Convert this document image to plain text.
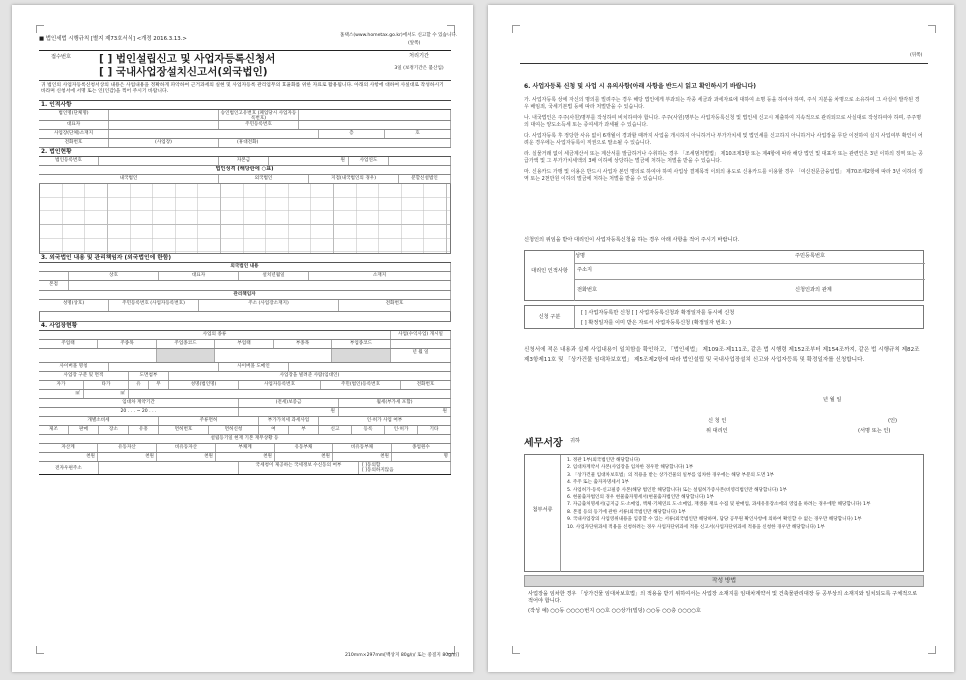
■ 법인세법 시행규칙 [별지 제73호서식] <개정 2016.3.13.>
홈택스(www.hometax.go.kr)에서도 신고할 수 있습니다.
(앞쪽)
접수번호	[ ] 법인설립신고 및 사업자등록신청서
[ ] 국내사업장설치신고서(외국법인)
처리기간
3일 (보정기간은 불산입)
귀 법인의 사업자등록신청서상의 내용은 사업내용을 정확하게 파악하여 근거과세의 실현 및 사업자등록 관리업무의 효율화를 위한 자료로 활용됩니다. 아래의 사항에 대하여 사실대로 작성하시기 바라며 신청서에 서명 또는 인(인감)을 찍어 주시기 바랍니다.
1. 인적사항
법인명(단체명)	승인법인고유번호 (폐업당시 사업자등록번호)
대표자	주민등록번호
사업장(단체)소재지	층	호
전화번호	(사업장)	(휴대전화)
2. 법인현황
법인등록번호	자본금	원	사업연도
법인성격 (해당란에 ○표)
내국법인	외국법인	지점(내국법인의 경우)	분할신설법인
3. 외국법인 내용 및 관리책임자 (외국법인에 한함)
외국법인 내용
상호	대표자	설치년월일	소재지
본점
관리책임자
성명(상호)	주민등록번호 (사업자등록번호)	주소 (사업장소재지)	전화번호
4. 사업장현황
사업의 종류	사업(수익사업) 개시일
주업태	주종목	주업종코드	부업태	부종목	부업종코드
년 월 일
사이버몰 명칭	사이버몰 도메인
사업장 구분 및 면적	도면첨부	사업장을 빌려준 사람(임대인)
자가	타가	유	무	성명(법인명)	사업자등록번호	주민(법인)등록번호	전화번호
㎡	㎡
임대차 계약기간	(전세)보증금	월세(부가세 포함)
20 . . . ~ 20 . . .	원	원
개별소비세	주류면허	부가가치세 과세사업	인·허가 사업 여부
제조	판매	장소	유흥	면허번호	면허신청	여	부	신고	등록	인·허가	기타
설립등기일 현재 기본 재무상황 등
자산계	유동자산	비유동자산	부채계	유동부채	비유동부채	종업원수
천원	천원	천원	천원	천원	천원	명
전자우편주소
국세청이 제공하는 국세정보 수신동의 여부	[ ]동의함
[ ]동의하지않음
210mm×297mm[백상지 80g/㎡ 또는 중질지 80g/㎡]
(뒤쪽)
6. 사업자등록 신청 및 사업 시 유의사항(아래 사항을 반드시 읽고 확인하시기 바랍니다)
가. 사업자등록 상에 자신의 명의를 빌려주는 경우 해당 법인에게 부과되는 각종 세금과 과세자료에 대하여 소명 등을 하여야 하며, 주식 지분을 차명으로 소유하여 그 사실이 발각된 경우 배임죄, 국세기본법 등에 따라 처벌받을 수 있습니다.
나. 내국법인은 주주(사원)명부를 작성하여 비치하여야 합니다. 주주(사원)명부는 사업자등록신청 및 법인세 신고시 제출하여 지속적으로 관리되므로 사실대로 작성하여야 하며, 주주명의 대여는 양도소득세 또는 증여세가 과세될 수 있습니다.
다. 사업자등록 후 정당한 사유 없이 6개월이 경과할 때까지 사업을 개시하지 아니하거나 부가가치세 및 법인세를 신고하지 아니하거나 사업장을 무단 이전하여 실지 사업여부 확인이 어려운 경우에는 사업자등록이 직권으로 말소될 수 있습니다.
라. 실물거래 없이 세금계산서 또는 계산서를 발급하거나 수취하는 경우 「조세범처벌법」 제10조제3항 또는 제4항에 따라 해당 법인 및 대표자 또는 관련인은 3년 이하의 징역 또는 공급가액 및 그 부가가치세액의 3배 이하에 상당하는 벌금에 처하는 처벌을 받을 수 있습니다.
마. 신용카드 가맹 및 이용은 반드시 사업자 본인 명의로 하여야 하며 사업상 결제목적 이외의 용도로 신용카드를 이용할 경우 「여신전문금융업법」 제70조제2항에 따라 3년 이하의 징역 또는 2천만원 이하의 벌금에 처하는 처벌을 받을 수 있습니다.
신청인의 위임을 받아 대리인이 사업자등록신청을 하는 경우 아래 사항을 적어 주시기 바랍니다.
대리인 인적사항
성명	주민등록번호
주소지
전화번호	신청인과의 관계
신청 구분
[ ] 사업자등록만 신청 [ ] 사업자등록신청과 확정일자를 동시에 신청
[ ] 확정일자를 이미 받은 자로서 사업자등록신청 (확정일자 번호: )
신청서에 적은 내용과 실제 사업내용이 일치함을 확인하고, 「법인세법」 제109조·제111조, 같은 법 시행령 제152조부터 제154조까지, 같은 법 시행규칙 제82조제3항제11호 및 「상가건물 임대차보호법」 제5조제2항에 따라 법인설립 및 국내사업장설치 신고와 사업자등록 및 확정일자를 신청합니다.
년 월 일
신 청 인	(인)
위 대리인	(서명 또는 인)
세무서장 귀하
첨부서류
1. 정관 1부(외국법인만 해당합니다)
2. 임대차계약서 사본(사업장을 임차한 경우만 해당합니다) 1부
3. 「상가건물 임대차보호법」의 적용을 받는 상가건물의 일부를 임차한 경우에는 해당 부분의 도면 1부
4. 주주 또는 출자자명세서 1부
5. 사업허가·등록·신고필증 사본(해당 법인만 해당합니다) 또는 설립허가증사본(비영리법인만 해당합니다) 1부
6. 현물출자법인의 경우 현물출자명세서(현물출자법인만 해당합니다) 1부
7. 자금출처명세서(금지금 도·소매업, 액체·기체연료 도·소매업, 재생용 재료 수집 및 판매업, 과세유흥장소에의 영업을 하려는 경우에만 해당합니다) 1부
8. 본점 등의 등기에 관한 서류(외국법인만 해당합니다) 1부
9. 국내사업장의 사업영위내용을 입증할 수 있는 서류(외국법인만 해당하며, 담당 공무원 확인사항에 의하여 확인할 수 없는 경우만 해당합니다) 1부
10. 사업자단위과세 적용을 신청하려는 경우 사업자단위과세 적용 신고서(사업자단위과세 적용을 신청한 경우만 해당합니다) 1부
작성 방법
사업장을 임차한 경우 「상가건물 임대차보호법」의 적용을 받기 위하여서는 사업장 소재지를 임대차계약서 및 건축물관리대장 등 공부상의 소재지와 일치되도록 구체적으로 적어야 합니다.
(작성 예) ○○동 ○○○○번지 ○○호 ○○상가(빌딩) ○○동 ○○층 ○○○○호
